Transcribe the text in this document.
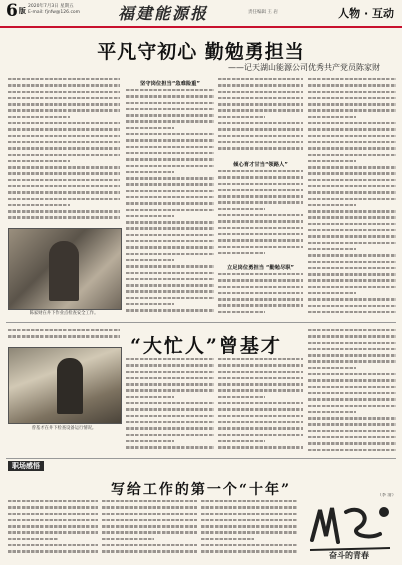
$6^版$ 2020年7月3日 星期五
E-mail: fjnfw@126.com	福建能源报	责任编辑 王 岩	人物 · 互动
平凡守初心 勤勉勇担当
——记天湖山能源公司优秀共产党员陈家财
坚守岗位担当“急难险重”
倾心育才甘当“领路人”
立足岗位勇担当 “勤勉尽职”
陈家财在井下作业点检查安全工作。
曾基才在井下检查设备运行情况。
“大忙人”曾基才
职场感悟
写给工作的第一个“十年”	（李 清）
奋斗的青春
